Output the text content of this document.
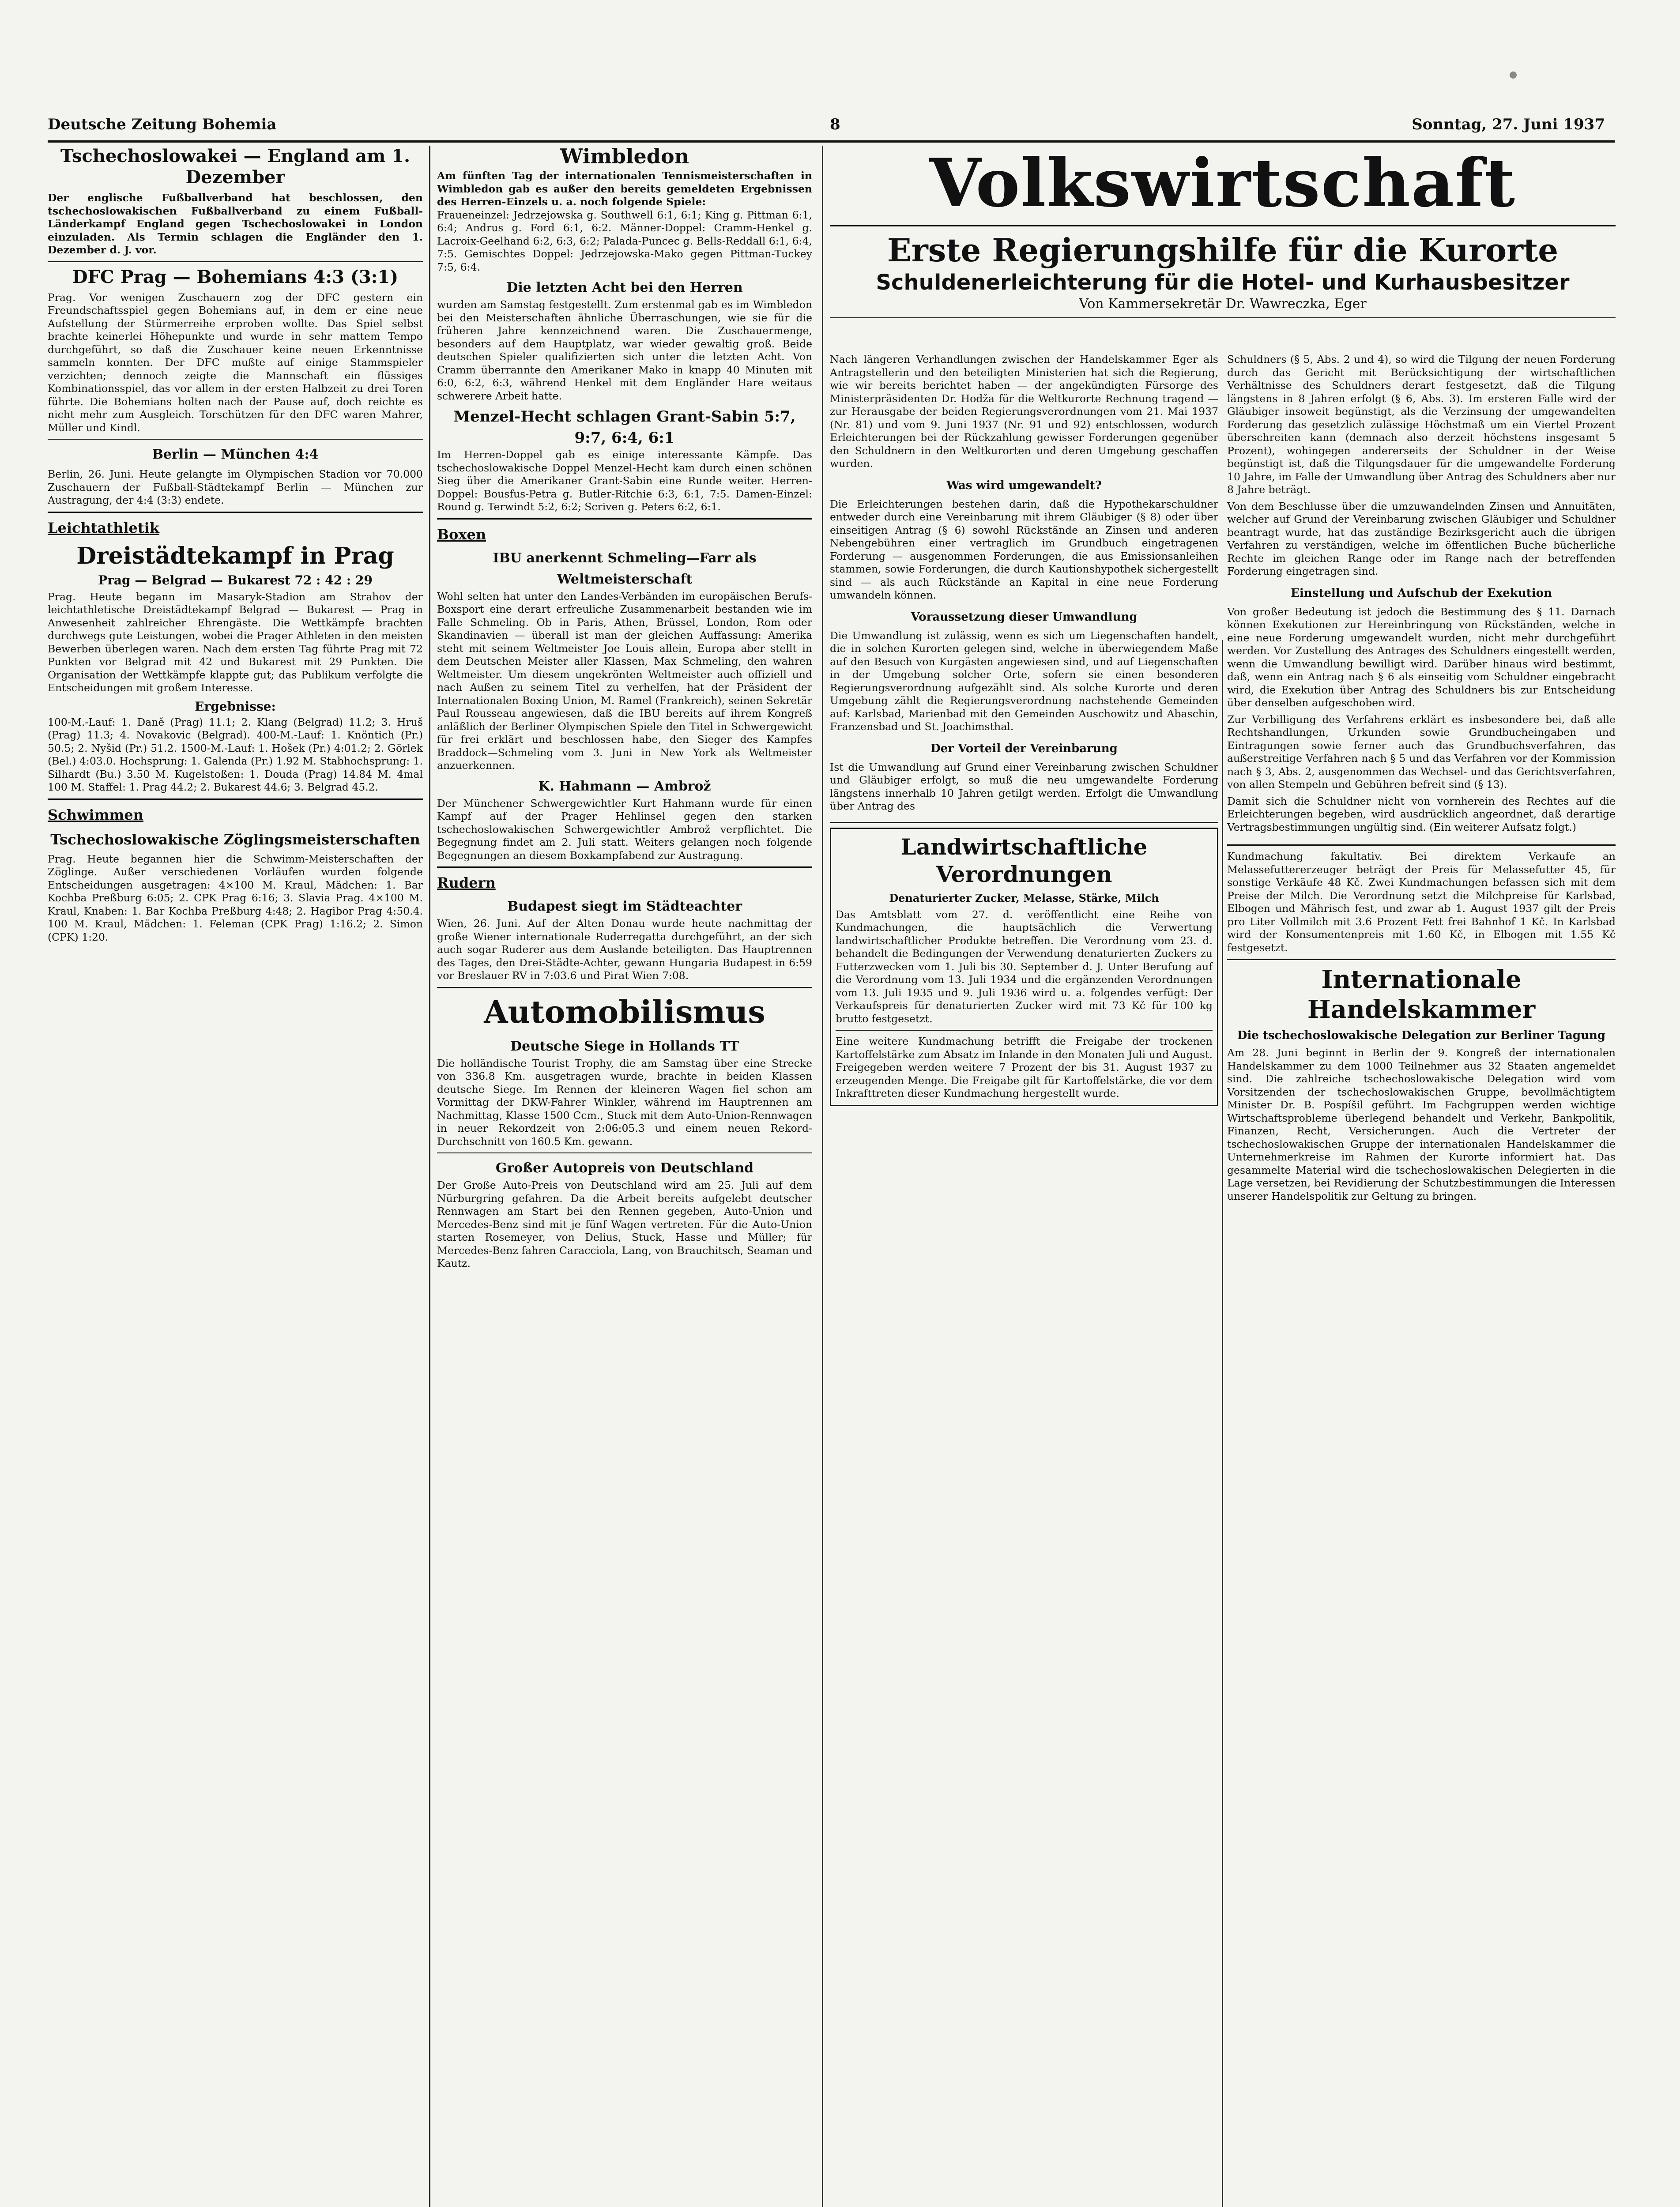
Deutsche Zeitung Bohemia	8	Sonntag, 27. Juni 1937
Tschechoslowakei — England am 1. Dezember

Der englische Fußballverband hat beschlossen, den tschechoslowakischen Fußballverband zu einem Fußball-Länderkampf England gegen Tschechoslowakei in London einzuladen. Als Termin schlagen die Engländer den 1. Dezember d. J. vor.

DFC Prag — Bohemians 4:3 (3:1)

Prag. Vor wenigen Zuschauern zog der DFC gestern ein Freundschaftsspiel gegen Bohemians auf, in dem er eine neue Aufstellung der Stürmerreihe erproben wollte. Das Spiel selbst brachte keinerlei Höhepunkte und wurde in sehr mattem Tempo durchgeführt, so daß die Zuschauer keine neuen Erkenntnisse sammeln konnten. Der DFC mußte auf einige Stammspieler verzichten; dennoch zeigte die Mannschaft ein flüssiges Kombinationsspiel, das vor allem in der ersten Halbzeit zu drei Toren führte. Die Bohemians holten nach der Pause auf, doch reichte es nicht mehr zum Ausgleich. Torschützen für den DFC waren Mahrer, Müller und Kindl.

Berlin — München 4:4

Berlin, 26. Juni. Heute gelangte im Olympischen Stadion vor 70.000 Zuschauern der Fußball-Städtekampf Berlin — München zur Austragung, der 4:4 (3:3) endete.

Leichtathletik
Dreistädtekampf in Prag
Prag — Belgrad — Bukarest 72 : 42 : 29

Prag. Heute begann im Masaryk-Stadion am Strahov der leichtathletische Dreistädtekampf Belgrad — Bukarest — Prag in Anwesenheit zahlreicher Ehrengäste. Die Wettkämpfe brachten durchwegs gute Leistungen, wobei die Prager Athleten in den meisten Bewerben überlegen waren. Nach dem ersten Tag führte Prag mit 72 Punkten vor Belgrad mit 42 und Bukarest mit 29 Punkten. Die Organisation der Wettkämpfe klappte gut; das Publikum verfolgte die Entscheidungen mit großem Interesse.

Ergebnisse:

100-M.-Lauf: 1. Daně (Prag) 11.1; 2. Klang (Belgrad) 11.2; 3. Hruš (Prag) 11.3; 4. Novakovic (Belgrad). 400-M.-Lauf: 1. Knöntich (Pr.) 50.5; 2. Nyšid (Pr.) 51.2. 1500-M.-Lauf: 1. Hošek (Pr.) 4:01.2; 2. Görlek (Bel.) 4:03.0. Hochsprung: 1. Galenda (Pr.) 1.92 M. Stabhochsprung: 1. Silhardt (Bu.) 3.50 M. Kugelstoßen: 1. Douda (Prag) 14.84 M. 4mal 100 M. Staffel: 1. Prag 44.2; 2. Bukarest 44.6; 3. Belgrad 45.2.

Schwimmen
Tschechoslowakische Zöglingsmeisterschaften

Prag. Heute begannen hier die Schwimm-Meisterschaften der Zöglinge. Außer verschiedenen Vorläufen wurden folgende Entscheidungen ausgetragen: 4×100 M. Kraul, Mädchen: 1. Bar Kochba Preßburg 6:05; 2. CPK Prag 6:16; 3. Slavia Prag. 4×100 M. Kraul, Knaben: 1. Bar Kochba Preßburg 4:48; 2. Hagibor Prag 4:50.4. 100 M. Kraul, Mädchen: 1. Feleman (CPK Prag) 1:16.2; 2. Simon (CPK) 1:20.

Wimbledon

Am fünften Tag der internationalen Tennismeisterschaften in Wimbledon gab es außer den bereits gemeldeten Ergebnissen des Herren-Einzels u. a. noch folgende Spiele:

Fraueneinzel: Jedrzejowska g. Southwell 6:1, 6:1; King g. Pittman 6:1, 6:4; Andrus g. Ford 6:1, 6:2. Männer-Doppel: Cramm-Henkel g. Lacroix-Geelhand 6:2, 6:3, 6:2; Palada-Puncec g. Bells-Reddall 6:1, 6:4, 7:5. Gemischtes Doppel: Jedrzejowska-Mako gegen Pittman-Tuckey 7:5, 6:4.

Die letzten Acht bei den Herren

wurden am Samstag festgestellt. Zum erstenmal gab es im Wimbledon bei den Meisterschaften ähnliche Überraschungen, wie sie für die früheren Jahre kennzeichnend waren. Die Zuschauermenge, besonders auf dem Hauptplatz, war wieder gewaltig groß. Beide deutschen Spieler qualifizierten sich unter die letzten Acht. Von Cramm überrannte den Amerikaner Mako in knapp 40 Minuten mit 6:0, 6:2, 6:3, während Henkel mit dem Engländer Hare weitaus schwerere Arbeit hatte.

Menzel-Hecht schlagen Grant-Sabin 5:7, 9:7, 6:4, 6:1

Im Herren-Doppel gab es einige interessante Kämpfe. Das tschechoslowakische Doppel Menzel-Hecht kam durch einen schönen Sieg über die Amerikaner Grant-Sabin eine Runde weiter. Herren-Doppel: Bousfus-Petra g. Butler-Ritchie 6:3, 6:1, 7:5. Damen-Einzel: Round g. Terwindt 5:2, 6:2; Scriven g. Peters 6:2, 6:1.

Boxen
IBU anerkennt Schmeling—Farr als Weltmeisterschaft

Wohl selten hat unter den Landes-Verbänden im europäischen Berufs-Boxsport eine derart erfreuliche Zusammenarbeit bestanden wie im Falle Schmeling. Ob in Paris, Athen, Brüssel, London, Rom oder Skandinavien — überall ist man der gleichen Auffassung: Amerika steht mit seinem Weltmeister Joe Louis allein, Europa aber stellt in dem Deutschen Meister aller Klassen, Max Schmeling, den wahren Weltmeister. Um diesem ungekrönten Weltmeister auch offiziell und nach Außen zu seinem Titel zu verhelfen, hat der Präsident der Internationalen Boxing Union, M. Ramel (Frankreich), seinen Sekretär Paul Rousseau angewiesen, daß die IBU bereits auf ihrem Kongreß anläßlich der Berliner Olympischen Spiele den Titel in Schwergewicht für frei erklärt und beschlossen habe, den Sieger des Kampfes Braddock—Schmeling vom 3. Juni in New York als Weltmeister anzuerkennen.

K. Hahmann — Ambrož

Der Münchener Schwergewichtler Kurt Hahmann wurde für einen Kampf auf der Prager Hehlinsel gegen den starken tschechoslowakischen Schwergewichtler Ambrož verpflichtet. Die Begegnung findet am 2. Juli statt. Weiters gelangen noch folgende Begegnungen an diesem Boxkampfabend zur Austragung.

Rudern
Budapest siegt im Städteachter

Wien, 26. Juni. Auf der Alten Donau wurde heute nachmittag der große Wiener internationale Ruderregatta durchgeführt, an der sich auch sogar Ruderer aus dem Auslande beteiligten. Das Hauptrennen des Tages, den Drei-Städte-Achter, gewann Hungaria Budapest in 6:59 vor Breslauer RV in 7:03.6 und Pirat Wien 7:08.

Automobilismus
Deutsche Siege in Hollands TT

Die holländische Tourist Trophy, die am Samstag über eine Strecke von 336.8 Km. ausgetragen wurde, brachte in beiden Klassen deutsche Siege. Im Rennen der kleineren Wagen fiel schon am Vormittag der DKW-Fahrer Winkler, während im Hauptrennen am Nachmittag, Klasse 1500 Ccm., Stuck mit dem Auto-Union-Rennwagen in neuer Rekordzeit von 2:06:05.3 und einem neuen Rekord-Durchschnitt von 160.5 Km. gewann.

Großer Autopreis von Deutschland

Der Große Auto-Preis von Deutschland wird am 25. Juli auf dem Nürburgring gefahren. Da die Arbeit bereits aufgelebt deutscher Rennwagen am Start bei den Rennen gegeben, Auto-Union und Mercedes-Benz sind mit je fünf Wagen vertreten. Für die Auto-Union starten Rosemeyer, von Delius, Stuck, Hasse und Müller; für Mercedes-Benz fahren Caracciola, Lang, von Brauchitsch, Seaman und Kautz.

Volkswirtschaft
Erste Regierungshilfe für die Kurorte
Schuldenerleichterung für die Hotel- und Kurhausbesitzer
Von Kammersekretär Dr. Wawreczka, Eger

Nach längeren Verhandlungen zwischen der Handelskammer Eger als Antragstellerin und den beteiligten Ministerien hat sich die Regierung, wie wir bereits berichtet haben — der angekündigten Fürsorge des Ministerpräsidenten Dr. Hodža für die Weltkurorte Rechnung tragend — zur Herausgabe der beiden Regierungsverordnungen vom 21. Mai 1937 (Nr. 81) und vom 9. Juni 1937 (Nr. 91 und 92) entschlossen, wodurch Erleichterungen bei der Rückzahlung gewisser Forderungen gegenüber den Schuldnern in den Weltkurorten und deren Umgebung geschaffen wurden.

Was wird umgewandelt?

Die Erleichterungen bestehen darin, daß die Hypothekarschuldner entweder durch eine Vereinbarung mit ihrem Gläubiger (§ 8) oder über einseitigen Antrag (§ 6) sowohl Rückstände an Zinsen und anderen Nebengebühren einer vertraglich im Grundbuch eingetragenen Forderung — ausgenommen Forderungen, die aus Emissionsanleihen stammen, sowie Forderungen, die durch Kautionshypothek sichergestellt sind — als auch Rückstände an Kapital in eine neue Forderung umwandeln können.

Voraussetzung dieser Umwandlung

Die Umwandlung ist zulässig, wenn es sich um Liegenschaften handelt, die in solchen Kurorten gelegen sind, welche in überwiegendem Maße auf den Besuch von Kurgästen angewiesen sind, und auf Liegenschaften in der Umgebung solcher Orte, sofern sie einen besonderen Regierungsverordnung aufgezählt sind. Als solche Kurorte und deren Umgebung zählt die Regierungsverordnung nachstehende Gemeinden auf: Karlsbad, Marienbad mit den Gemeinden Auschowitz und Abaschin, Franzensbad und St. Joachimsthal.

Der Vorteil der Vereinbarung

Ist die Umwandlung auf Grund einer Vereinbarung zwischen Schuldner und Gläubiger erfolgt, so muß die neu umgewandelte Forderung längstens innerhalb 10 Jahren getilgt werden. Erfolgt die Umwandlung über Antrag des

Landwirtschaftliche Verordnungen
Denaturierter Zucker, Melasse, Stärke, Milch

Das Amtsblatt vom 27. d. veröffentlicht eine Reihe von Kundmachungen, die hauptsächlich die Verwertung landwirtschaftlicher Produkte betreffen. Die Verordnung vom 23. d. behandelt die Bedingungen der Verwendung denaturierten Zuckers zu Futterzwecken vom 1. Juli bis 30. September d. J. Unter Berufung auf die Verordnung vom 13. Juli 1934 und die ergänzenden Verordnungen vom 13. Juli 1935 und 9. Juli 1936 wird u. a. folgendes verfügt: Der Verkaufspreis für denaturierten Zucker wird mit 73 Kč für 100 kg brutto festgesetzt.

Eine weitere Kundmachung betrifft die Freigabe der trockenen Kartoffelstärke zum Absatz im Inlande in den Monaten Juli und August. Freigegeben werden weitere 7 Prozent der bis 31. August 1937 zu erzeugenden Menge. Die Freigabe gilt für Kartoffelstärke, die vor dem Inkrafttreten dieser Kundmachung hergestellt wurde.

Schuldners (§ 5, Abs. 2 und 4), so wird die Tilgung der neuen Forderung durch das Gericht mit Berücksichtigung der wirtschaftlichen Verhältnisse des Schuldners derart festgesetzt, daß die Tilgung längstens in 8 Jahren erfolgt (§ 6, Abs. 3). Im ersteren Falle wird der Gläubiger insoweit begünstigt, als die Verzinsung der umgewandelten Forderung das gesetzlich zulässige Höchstmaß um ein Viertel Prozent überschreiten kann (demnach also derzeit höchstens insgesamt 5 Prozent), wohingegen andererseits der Schuldner in der Weise begünstigt ist, daß die Tilgungsdauer für die umgewandelte Forderung 10 Jahre, im Falle der Umwandlung über Antrag des Schuldners aber nur 8 Jahre beträgt.

Von dem Beschlusse über die umzuwandelnden Zinsen und Annuitäten, welcher auf Grund der Vereinbarung zwischen Gläubiger und Schuldner beantragt wurde, hat das zuständige Bezirksgericht auch die übrigen Verfahren zu verständigen, welche im öffentlichen Buche bücherliche Rechte im gleichen Range oder im Range nach der betreffenden Forderung eingetragen sind.

Einstellung und Aufschub der Exekution

Von großer Bedeutung ist jedoch die Bestimmung des § 11. Darnach können Exekutionen zur Hereinbringung von Rückständen, welche in eine neue Forderung umgewandelt wurden, nicht mehr durchgeführt werden. Vor Zustellung des Antrages des Schuldners eingestellt werden, wenn die Umwandlung bewilligt wird. Darüber hinaus wird bestimmt, daß, wenn ein Antrag nach § 6 als einseitig vom Schuldner eingebracht wird, die Exekution über Antrag des Schuldners bis zur Entscheidung über denselben aufgeschoben wird.

Zur Verbilligung des Verfahrens erklärt es insbesondere bei, daß alle Rechtshandlungen, Urkunden sowie Grundbucheingaben und Eintragungen sowie ferner auch das Grundbuchsverfahren, das außerstreitige Verfahren nach § 5 und das Verfahren vor der Kommission nach § 3, Abs. 2, ausgenommen das Wechsel- und das Gerichtsverfahren, von allen Stempeln und Gebühren befreit sind (§ 13).

Damit sich die Schuldner nicht von vornherein des Rechtes auf die Erleichterungen begeben, wird ausdrücklich angeordnet, daß derartige Vertragsbestimmungen ungültig sind. (Ein weiterer Aufsatz folgt.)

Kundmachung fakultativ. Bei direktem Verkaufe an Melassefuttererzeuger beträgt der Preis für Melassefutter 45, für sonstige Verkäufe 48 Kč. Zwei Kundmachungen befassen sich mit dem Preise der Milch. Die Verordnung setzt die Milchpreise für Karlsbad, Elbogen und Mährisch fest, und zwar ab 1. August 1937 gilt der Preis pro Liter Vollmilch mit 3.6 Prozent Fett frei Bahnhof 1 Kč. In Karlsbad wird der Konsumentenpreis mit 1.60 Kč, in Elbogen mit 1.55 Kč festgesetzt.

Internationale Handelskammer
Die tschechoslowakische Delegation zur Berliner Tagung

Am 28. Juni beginnt in Berlin der 9. Kongreß der internationalen Handelskammer zu dem 1000 Teilnehmer aus 32 Staaten angemeldet sind. Die zahlreiche tschechoslowakische Delegation wird vom Vorsitzenden der tschechoslowakischen Gruppe, bevollmächtigtem Minister Dr. B. Pospíšil geführt. Im Fachgruppen werden wichtige Wirtschaftsprobleme überlegend behandelt und Verkehr, Bankpolitik, Finanzen, Recht, Versicherungen. Auch die Vertreter der tschechoslowakischen Gruppe der internationalen Handelskammer die Unternehmerkreise im Rahmen der Kurorte informiert hat. Das gesammelte Material wird die tschechoslowakischen Delegierten in die Lage versetzen, bei Revidierung der Schutzbestimmungen die Interessen unserer Handelspolitik zur Geltung zu bringen.
